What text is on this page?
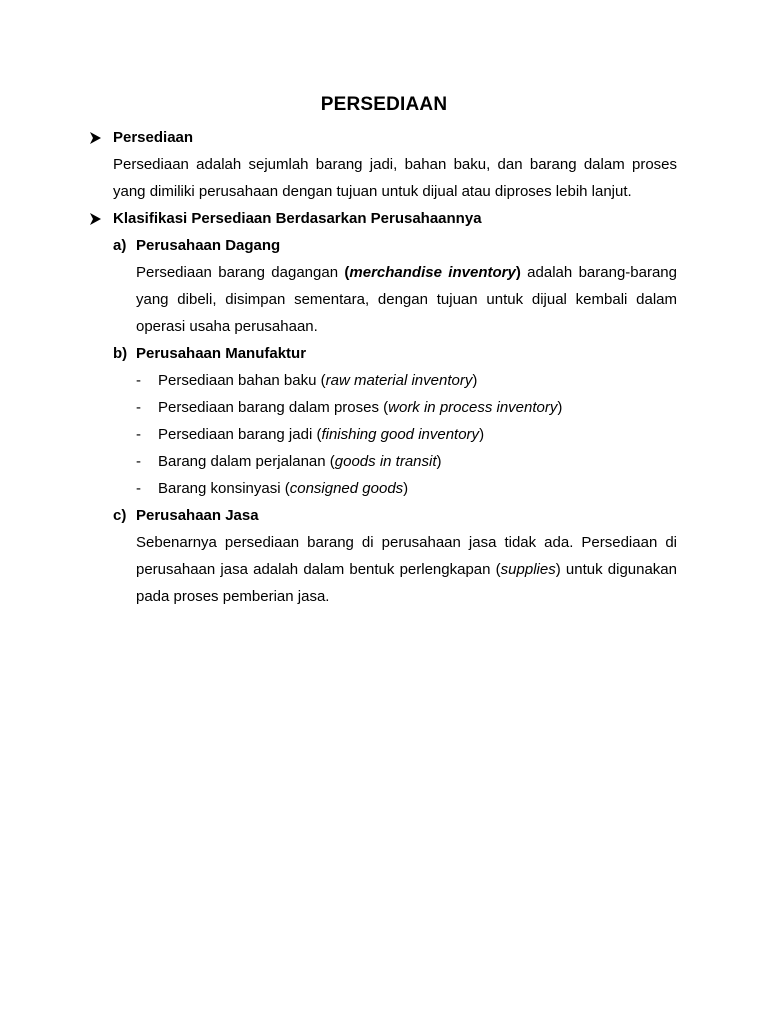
PERSEDIAAN
Persediaan

Persediaan adalah sejumlah barang jadi, bahan baku, dan barang dalam proses yang dimiliki perusahaan dengan tujuan untuk dijual atau diproses lebih lanjut.

Klasifikasi Persediaan Berdasarkan Perusahaannya
a) Perusahaan Dagang

Persediaan barang dagangan (merchandise inventory) adalah barang-barang yang dibeli, disimpan sementara, dengan tujuan untuk dijual kembali dalam operasi usaha perusahaan.

b) Perusahaan Manufaktur
- Persediaan bahan baku (raw material inventory)
- Persediaan barang dalam proses (work in process inventory)
- Persediaan barang jadi (finishing good inventory)
- Barang dalam perjalanan (goods in transit)
- Barang konsinyasi (consigned goods)
c) Perusahaan Jasa

Sebenarnya persediaan barang di perusahaan jasa tidak ada. Persediaan di perusahaan jasa adalah dalam bentuk perlengkapan (supplies) untuk digunakan pada proses pemberian jasa.
